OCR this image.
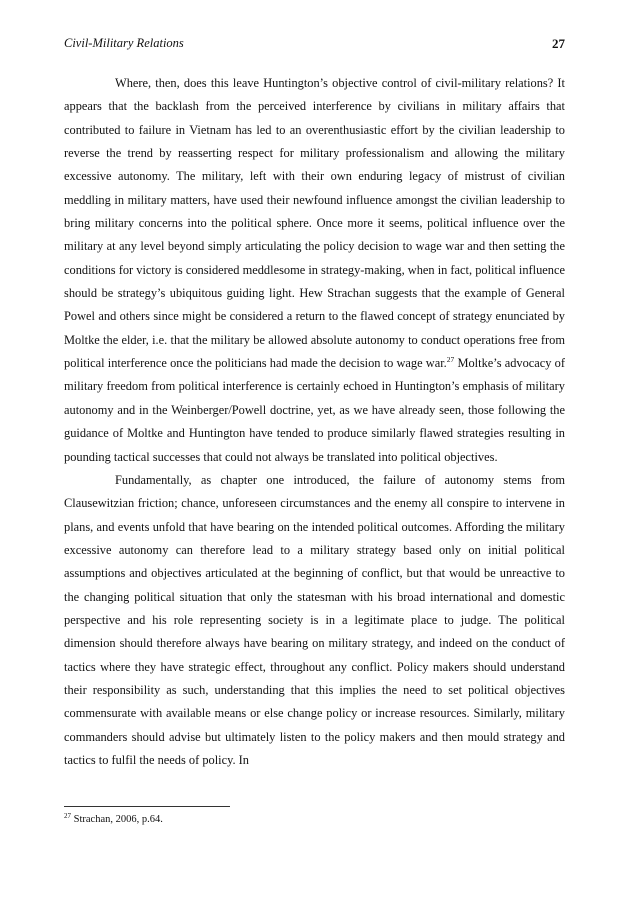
Civil-Military Relations	27

Where, then, does this leave Huntington’s objective control of civil-military relations? It appears that the backlash from the perceived interference by civilians in military affairs that contributed to failure in Vietnam has led to an overenthusiastic effort by the civilian leadership to reverse the trend by reasserting respect for military professionalism and allowing the military excessive autonomy. The military, left with their own enduring legacy of mistrust of civilian meddling in military matters, have used their newfound influence amongst the civilian leadership to bring military concerns into the political sphere. Once more it seems, political influence over the military at any level beyond simply articulating the policy decision to wage war and then setting the conditions for victory is considered meddlesome in strategy-making, when in fact, political influence should be strategy’s ubiquitous guiding light. Hew Strachan suggests that the example of General Powel and others since might be considered a return to the flawed concept of strategy enunciated by Moltke the elder, i.e. that the military be allowed absolute autonomy to conduct operations free from political interference once the politicians had made the decision to wage war.$^{27}$ Moltke’s advocacy of military freedom from political interference is certainly echoed in Huntington’s emphasis of military autonomy and in the Weinberger/Powell doctrine, yet, as we have already seen, those following the guidance of Moltke and Huntington have tended to produce similarly flawed strategies resulting in pounding tactical successes that could not always be translated into political objectives.

Fundamentally, as chapter one introduced, the failure of autonomy stems from Clausewitzian friction; chance, unforeseen circumstances and the enemy all conspire to intervene in plans, and events unfold that have bearing on the intended political outcomes. Affording the military excessive autonomy can therefore lead to a military strategy based only on initial political assumptions and objectives articulated at the beginning of conflict, but that would be unreactive to the changing political situation that only the statesman with his broad international and domestic perspective and his role representing society is in a legitimate place to judge. The political dimension should therefore always have bearing on military strategy, and indeed on the conduct of tactics where they have strategic effect, throughout any conflict. Policy makers should understand their responsibility as such, understanding that this implies the need to set political objectives commensurate with available means or else change policy or increase resources. Similarly, military commanders should advise but ultimately listen to the policy makers and then mould strategy and tactics to fulfil the needs of policy. In

$^{27}$ Strachan, 2006, p.64.
